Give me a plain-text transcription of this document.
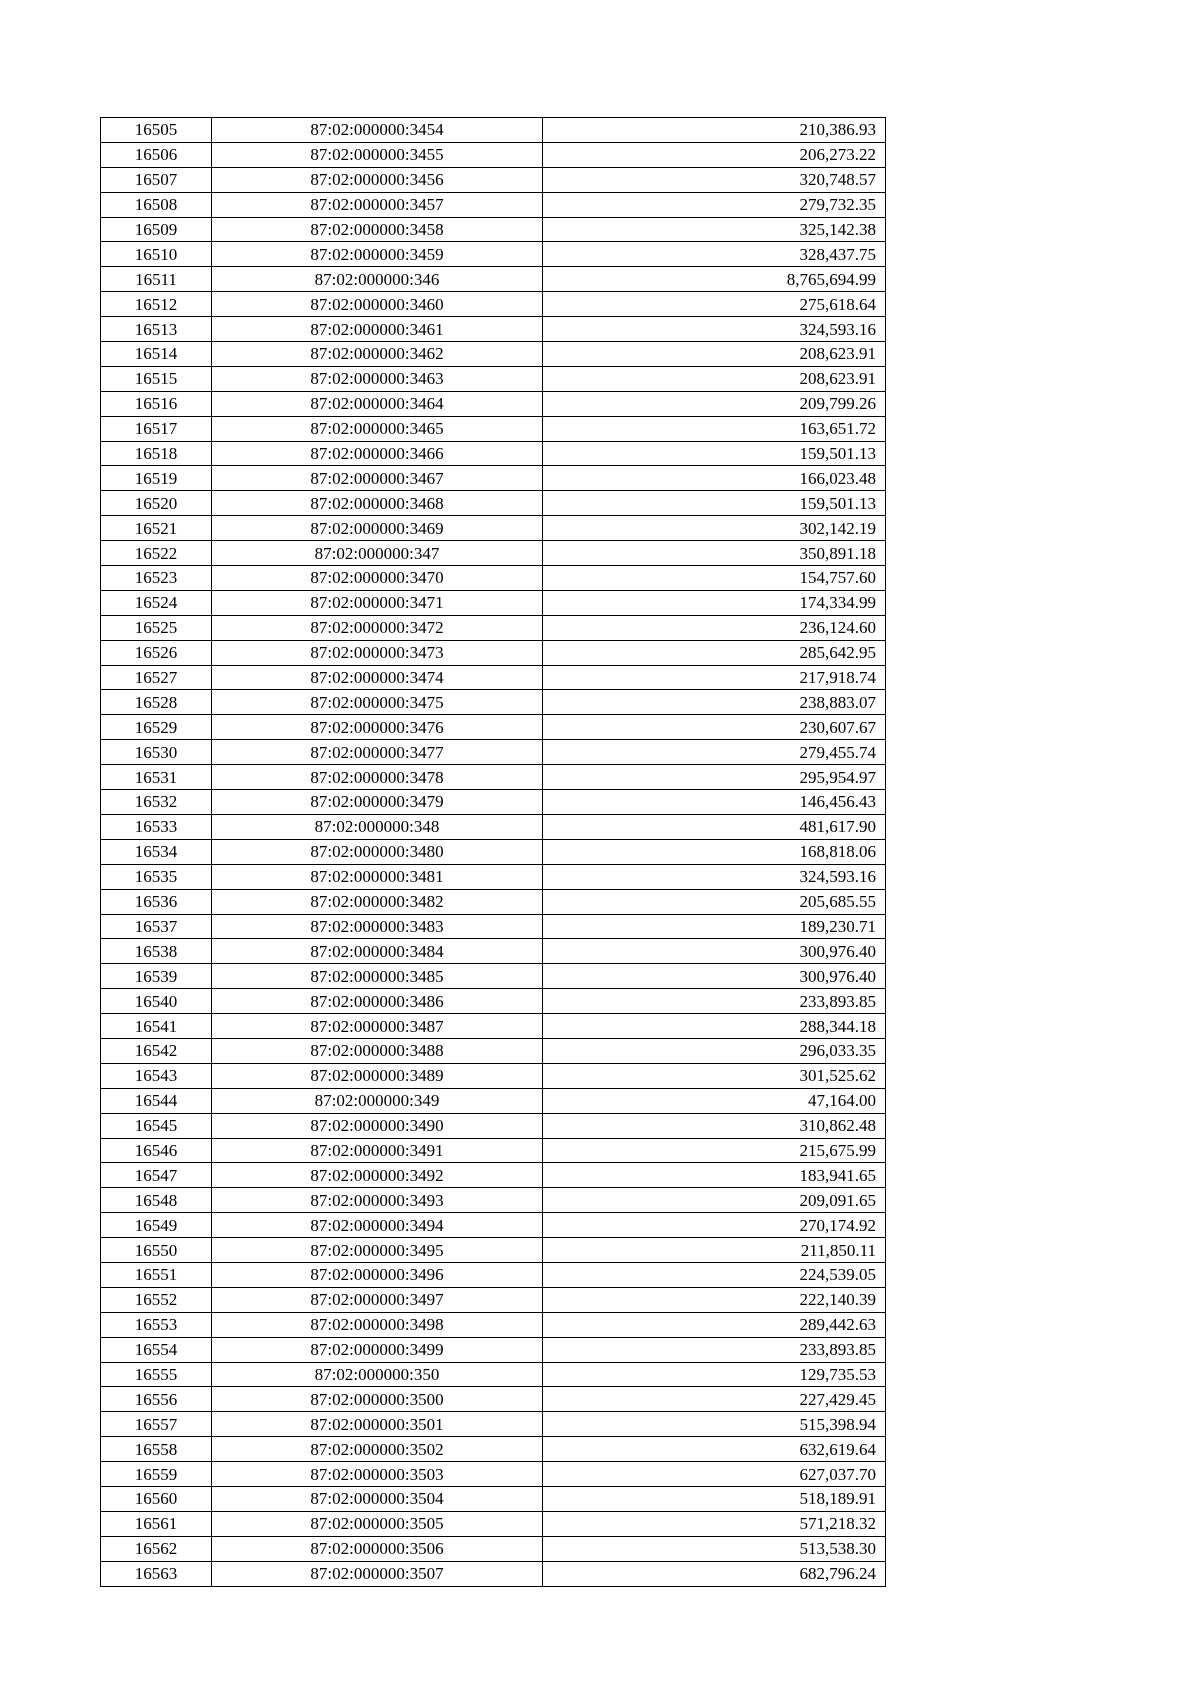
16505	87:02:000000:3454	210,386.93
16506	87:02:000000:3455	206,273.22
16507	87:02:000000:3456	320,748.57
16508	87:02:000000:3457	279,732.35
16509	87:02:000000:3458	325,142.38
16510	87:02:000000:3459	328,437.75
16511	87:02:000000:346	8,765,694.99
16512	87:02:000000:3460	275,618.64
16513	87:02:000000:3461	324,593.16
16514	87:02:000000:3462	208,623.91
16515	87:02:000000:3463	208,623.91
16516	87:02:000000:3464	209,799.26
16517	87:02:000000:3465	163,651.72
16518	87:02:000000:3466	159,501.13
16519	87:02:000000:3467	166,023.48
16520	87:02:000000:3468	159,501.13
16521	87:02:000000:3469	302,142.19
16522	87:02:000000:347	350,891.18
16523	87:02:000000:3470	154,757.60
16524	87:02:000000:3471	174,334.99
16525	87:02:000000:3472	236,124.60
16526	87:02:000000:3473	285,642.95
16527	87:02:000000:3474	217,918.74
16528	87:02:000000:3475	238,883.07
16529	87:02:000000:3476	230,607.67
16530	87:02:000000:3477	279,455.74
16531	87:02:000000:3478	295,954.97
16532	87:02:000000:3479	146,456.43
16533	87:02:000000:348	481,617.90
16534	87:02:000000:3480	168,818.06
16535	87:02:000000:3481	324,593.16
16536	87:02:000000:3482	205,685.55
16537	87:02:000000:3483	189,230.71
16538	87:02:000000:3484	300,976.40
16539	87:02:000000:3485	300,976.40
16540	87:02:000000:3486	233,893.85
16541	87:02:000000:3487	288,344.18
16542	87:02:000000:3488	296,033.35
16543	87:02:000000:3489	301,525.62
16544	87:02:000000:349	47,164.00
16545	87:02:000000:3490	310,862.48
16546	87:02:000000:3491	215,675.99
16547	87:02:000000:3492	183,941.65
16548	87:02:000000:3493	209,091.65
16549	87:02:000000:3494	270,174.92
16550	87:02:000000:3495	211,850.11
16551	87:02:000000:3496	224,539.05
16552	87:02:000000:3497	222,140.39
16553	87:02:000000:3498	289,442.63
16554	87:02:000000:3499	233,893.85
16555	87:02:000000:350	129,735.53
16556	87:02:000000:3500	227,429.45
16557	87:02:000000:3501	515,398.94
16558	87:02:000000:3502	632,619.64
16559	87:02:000000:3503	627,037.70
16560	87:02:000000:3504	518,189.91
16561	87:02:000000:3505	571,218.32
16562	87:02:000000:3506	513,538.30
16563	87:02:000000:3507	682,796.24
